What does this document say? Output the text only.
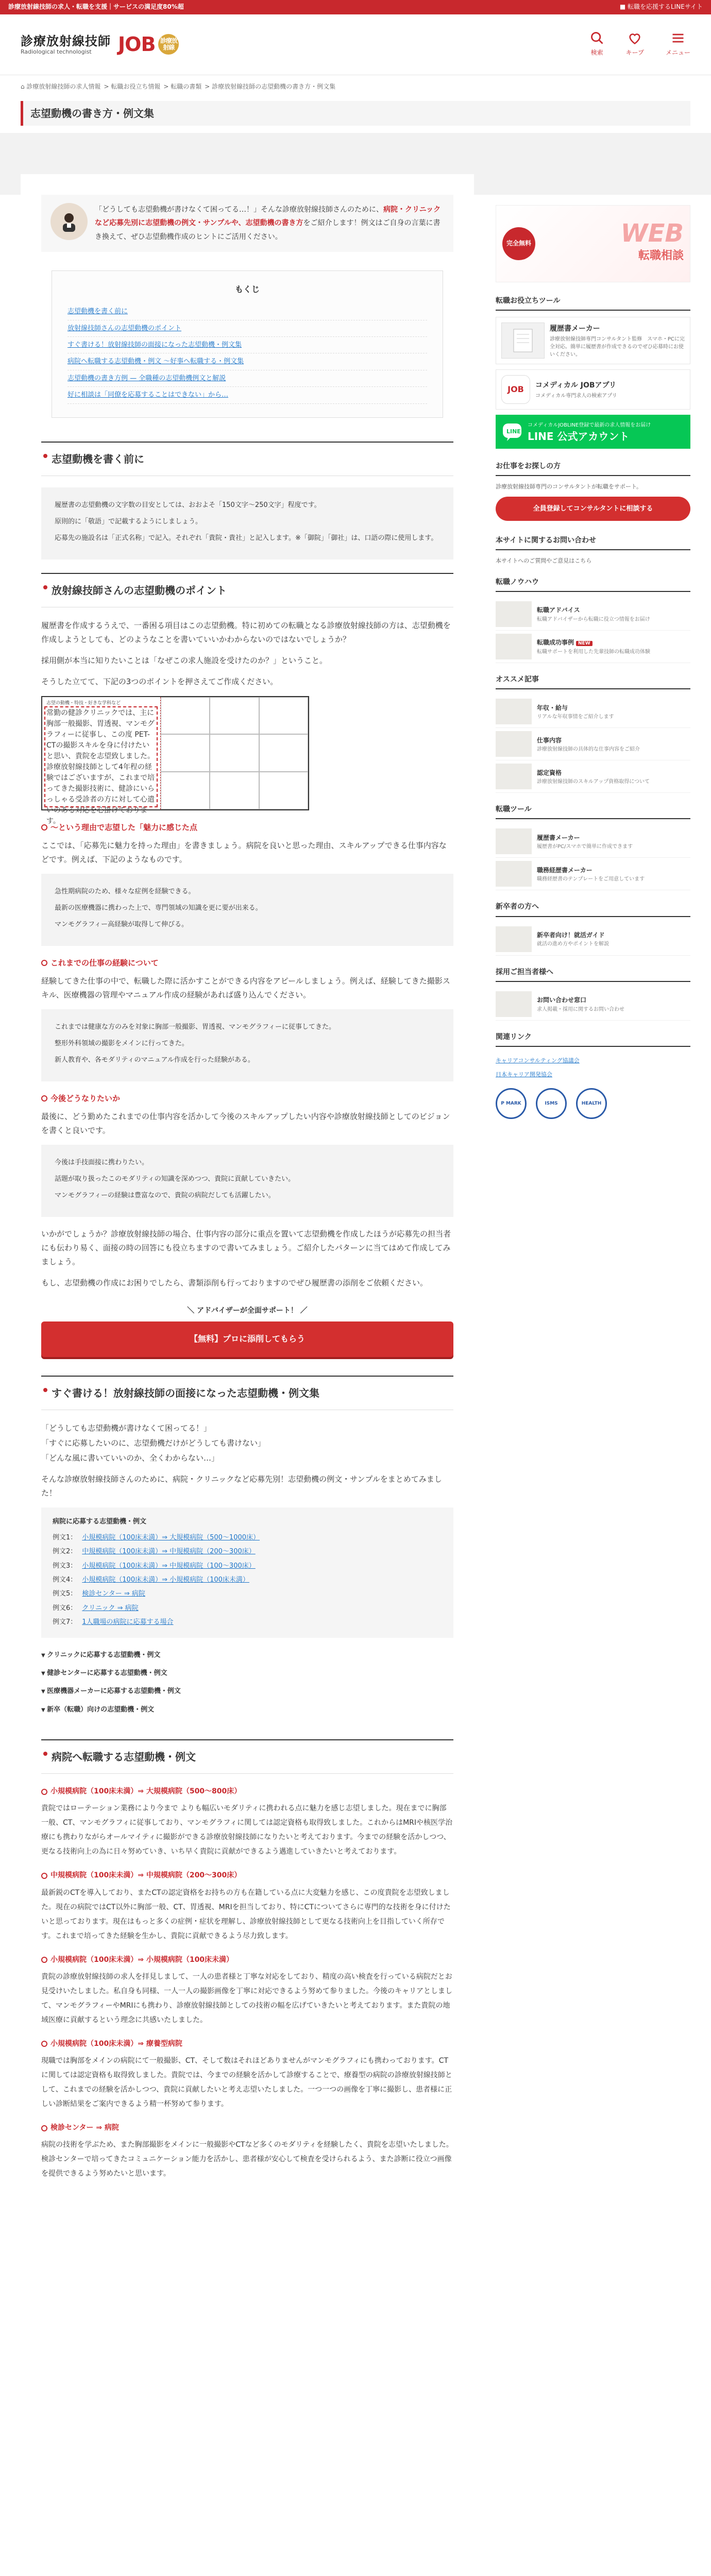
診療放射線技師の求人・転職を支援｜サービスの満足度80%超	■ 転職を応援するLINEサイト
診療放射線技師
Radiological technologist	JOB 診療放射線
検索	キープ	メニュー
⌂ 診療放射線技師の求人情報 > 転職お役立ち情報 > 転職の書類 > 診療放射線技師の志望動機の書き方・例文集
志望動機の書き方・例文集
「どうしても志望動機が書けなくて困ってる…！」そんな診療放射線技師さんのために、病院・クリニックなど応募先別に志望動機の例文・サンプルや、志望動機の書き方をご紹介します！例文はご自身の言葉に書き換えて、ぜひ志望動機作成のヒントにご活用ください。
もくじ
志望動機を書く前に
放射線技師さんの志望動機のポイント
すぐ書ける！放射線技師の面接になった志望動機・例文集
病院へ転職する志望動機・例文 ～好事へ転職する・例文集
志望動機の書き方例 — 全職種の志望動機例文と解説
好に相談は「同僚を応募することはできない」から…
志望動機を書く前に
履歴書の志望動機の文字数の目安としては、おおよそ「150文字〜250文字」程度です。
原則的に「敬語」で記載するようにしましょう。
応募先の施設名は「正式名称」で記入。それぞれ「貴院・貴社」と記入します。※「御院」「御社」は、口語の際に使用します。
放射線技師さんの志望動機のポイント

履歴書を作成するうえで、一番困る項目はこの志望動機。特に初めての転職となる診療放射線技師の方は、志望動機を作成しようとしても、どのようなことを書いていいかわからないのではないでしょうか？

採用側が本当に知りたいことは「なぜこの求人施設を受けたのか？」ということ。

そうした立てて、下記の3つのポイントを押さえてご作成ください。

志望の動機・特技・好きな学科など
常勤の健診クリニックでは、主に胸部一般撮影、胃透視、マンモグラフィーに従事し、この度 PET-CTの撮影スキルを身に付けたいと思い、貴院を志望致しました。診療放射線技師として4年程の経験ではございますが、これまで培ってきた撮影技術に、健診にいらっしゃる受診者の方に対して心遣いのある対応を心掛けております。
〜という理由で志望した「魅力に感じた点

ここでは、「応募先に魅力を持った理由」を書きましょう。病院を良いと思った理由、スキルアップできる仕事内容などです。例えば、下記のようなものです。

急性期病院のため、様々な症例を経験できる。
最新の医療機器に携わった上で、専門領域の知識を更に要が出来る。
マンモグラフィー高経験が取得して伸びる。
これまでの仕事の経験について

経験してきた仕事の中で、転職した際に活かすことができる内容をアピールしましょう。例えば、経験してきた撮影スキル、医療機器の管理やマニュアル作成の経験があれば盛り込んでください。

これまでは健康な方のみを対象に胸部一般撮影、胃透視、マンモグラフィーに従事してきた。
整形外科領域の撮影をメインに行ってきた。
新人教育や、各モダリティのマニュアル作成を行った経験がある。
今後どうなりたいか

最後に、どう勤めたこれまでの仕事内容を活かして今後のスキルアップしたい内容や診療放射線技師としてのビジョンを書くと良いです。

今後は手技面接に携わりたい。
話題が取り扱ったこのモダリティの知識を深めつつ、貴院に貢献していきたい。
マンモグラフィーの経験は豊富なので、貴院の病院だしても活躍したい。

いかがでしょうか？診療放射線技師の場合、仕事内容の部分に重点を置いて志望動機を作成したほうが応募先の担当者にも伝わり易く、面接の時の回答にも役立ちますので書いてみましょう。ご紹介したパターンに当てはめて作成してみましょう。

もし、志望動機の作成にお困りでしたら、書類添削も行っておりますのでぜひ履歴書の添削をご依頼ください。

＼ アドバイザーが全面サポート！ ／
【無料】プロに添削してもらう
すぐ書ける！放射線技師の面接になった志望動機・例文集

「どうしても志望動機が書けなくて困ってる！」

「すぐに応募したいのに、志望動機だけがどうしても書けない」

「どんな風に書いていいのか、全くわからない…」

そんな診療放射線技師さんのために、病院・クリニックなど応募先別！志望動機の例文・サンプルをまとめてみました！

病院に応募する志望動機・例文
例文1： 小規模病院（100床未満）⇒ 大規模病院（500〜1000床）
例文2： 中規模病院（100床未満）⇒ 中規模病院（200〜300床）
例文3： 小規模病院（100床未満）⇒ 中規模病院（100〜300床）
例文4： 小規模病院（100床未満）⇒ 小規模病院（100床未満）
例文5： 検診センター ⇒ 病院
例文6： クリニック ⇒ 病院
例文7： 1人職場の病院に応募する場合
▼ クリニックに応募する志望動機・例文
▼ 健診センターに応募する志望動機・例文
▼ 医療機器メーカーに応募する志望動機・例文
▼ 新卒（転職）向けの志望動機・例文
病院へ転職する志望動機・例文
小規模病院（100床未満）⇒ 大規模病院（500〜800床）
貴院ではローテーション業務により今まで よりも幅広いモダリティに携われる点に魅力を感じ志望しました。現在までに胸部一般、CT、マンモグラフィに従事しており、マンモグラフィに関しては認定資格も取得致しました。これからはMRIや核医学治療にも携わりながらオールマイティに撮影ができる診療放射線技師になりたいと考えております。今までの経験を活かしつつ、更なる技術向上の為に日々努めていき、いち早く貴院に貢献ができるよう邁進していきたいと考えております。
中規模病院（100床未満）⇒ 中規模病院（200〜300床）
最新鋭のCTを導入しており、またCTの認定資格をお持ちの方も在籍している点に大変魅力を感じ、この度貴院を志望致しました。現在の病院ではCT以外に胸部一般、CT、胃透視、MRIを担当しており、特にCTについてさらに専門的な技術を身に付けたいと思っております。現在はもっと多くの症例・症状を理解し、診療放射線技師として更なる技術向上を目指していく所存です。これまで培ってきた経験を生かし、貴院に貢献できるよう尽力致します。
小規模病院（100床未満）⇒ 小規模病院（100床未満）
貴院の診療放射線技師の求人を拝見しまして、一人の患者様と丁寧な対応をしており、精度の高い検査を行っている病院だとお見受けいたしました。私自身も同様、一人一人の撮影画像を丁寧に対応できるよう努めて参りました。今後のキャリアとしまして、マンモグラフィーやMRIにも携わり、診療放射線技師としての技術の幅を広げていきたいと考えております。また貴院の地域医療に貢献するという理念に共感いたしました。
小規模病院（100床未満）⇒ 療養型病院
現職では胸部をメインの病院にて一般撮影、CT、そして数はそれほどありませんがマンモグラフィにも携わっております。CTに関しては認定資格も取得致しました。貴院では、今までの経験を活かして診療することで、療養型の病院の診療放射線技師として、これまでの経験を活かしつつ、貴院に貢献したいと考え志望いたしました。一つ一つの画像を丁寧に撮影し、患者様に正しい診断結果をご案内できるよう精一杯努めて参ります。
検診センター ⇒ 病院
病院の技術を学ぶため、また胸部撮影をメインに一般撮影やCTなど多くのモダリティを経験したく、貴院を志望いたしました。検診センターで培ってきたコミュニケーション能力を活かし、患者様が安心して検査を受けられるよう、また診断に役立つ画像を提供できるよう努めたいと思います。
完全無料	WEB
転職相談
転職お役立ちツール
履歴書メーカー
診療放射線技師専門コンサルタント監修　スマホ・PCに完全対応。簡単に履歴書が作成できるのでぜひ応募時にお使いください。
JOB	コメディカル JOBアプリ
コメディカル専門求人の検索アプリ
LINE
コメディカルJOBLINE登録で最新の求人情報をお届け
LINE 公式アカウント
お仕事をお探しの方
診療放射線技師専門のコンサルタントが転職をサポート。
全員登録してコンサルタントに相談する
本サイトに関するお問い合わせ
本サイトへのご質問やご意見はこちら
転職ノウハウ
転職アドバイス
転職アドバイザーから転職に役立つ情報をお届け
転職成功事例 NEW
転職サポートを利用した先輩技師の転職成功体験
オススメ記事
年収・給与
リアルな年収事情をご紹介します
仕事内容
診療放射線技師の具体的な仕事内容をご紹介
認定資格
診療放射線技師のスキルアップ資格取得について
転職ツール
履歴書メーカー
履歴書がPC/スマホで簡単に作成できます
職務経歴書メーカー
職務経歴書のテンプレートをご用意しています
新卒者の方へ
新卒者向け！就活ガイド
就活の進め方やポイントを解説
採用ご担当者様へ
お問い合わせ窓口
求人掲載・採用に関するお問い合わせ
関連リンク
キャリアコンサルティング協議会
日本キャリア開発協会
P MARK	ISMS	HEALTH
